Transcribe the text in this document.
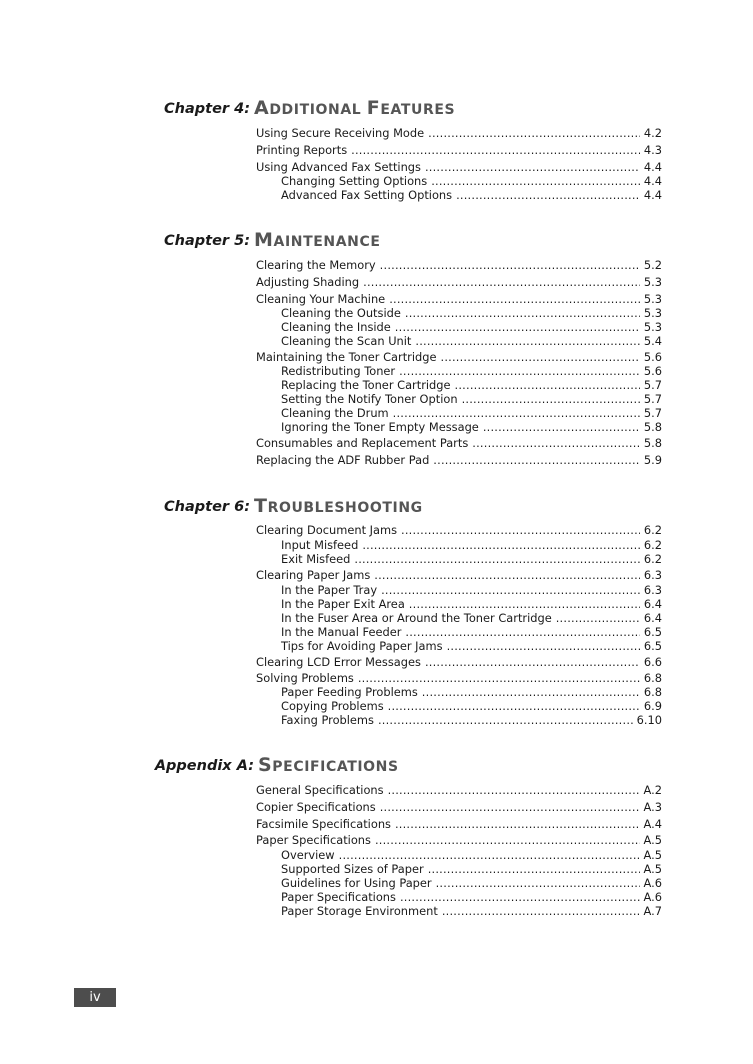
Chapter 4: ADDITIONAL FEATURES
Using Secure Receiving Mode .....	4.2
Printing Reports .....	4.3
Using Advanced Fax Settings .....	4.4
Changing Setting Options .....	4.4
Advanced Fax Setting Options .....	4.4
Chapter 5: MAINTENANCE
Clearing the Memory .....	5.2
Adjusting Shading .....	5.3
Cleaning Your Machine .....	5.3
Cleaning the Outside .....	5.3
Cleaning the Inside .....	5.3
Cleaning the Scan Unit .....	5.4
Maintaining the Toner Cartridge .....	5.6
Redistributing Toner .....	5.6
Replacing the Toner Cartridge .....	5.7
Setting the Notify Toner Option .....	5.7
Cleaning the Drum .....	5.7
Ignoring the Toner Empty Message .....	5.8
Consumables and Replacement Parts .....	5.8
Replacing the ADF Rubber Pad .....	5.9
Chapter 6: TROUBLESHOOTING
Clearing Document Jams .....	6.2
Input Misfeed .....	6.2
Exit Misfeed .....	6.2
Clearing Paper Jams .....	6.3
In the Paper Tray .....	6.3
In the Paper Exit Area .....	6.4
In the Fuser Area or Around the Toner Cartridge .....	6.4
In the Manual Feeder .....	6.5
Tips for Avoiding Paper Jams .....	6.5
Clearing LCD Error Messages .....	6.6
Solving Problems .....	6.8
Paper Feeding Problems .....	6.8
Copying Problems .....	6.9
Faxing Problems .....	6.10
Appendix A: SPECIFICATIONS
General Specifications .....	A.2
Copier Specifications .....	A.3
Facsimile Specifications .....	A.4
Paper Specifications .....	A.5
Overview .....	A.5
Supported Sizes of Paper .....	A.5
Guidelines for Using Paper .....	A.6
Paper Specifications .....	A.6
Paper Storage Environment .....	A.7
iv
